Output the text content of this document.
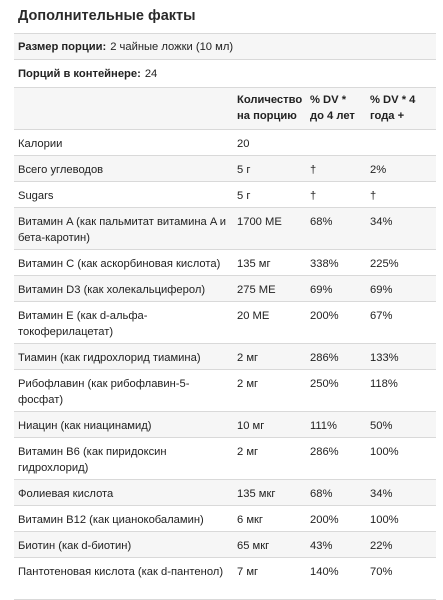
Дополнительные факты
Размер порции: 2 чайные ложки (10 мл)
Порций в контейнере: 24
	Количество на порцию	% DV * до 4 лет	% DV * 4 года +
Калории	20		
Всего углеводов	5 г	†	2%
Sugars	5 г	†	†
Витамин A (как пальмитат витамина A и бета-каротин)	1700 МЕ	68%	34%
Витамин C (как аскорбиновая кислота)	135 мг	338%	225%
Витамин D3 (как холекальциферол)	275 МЕ	69%	69%
Витамин E (как d-альфа-токоферилацетат)	20 МЕ	200%	67%
Тиамин (как гидрохлорид тиамина)	2 мг	286%	133%
Рибофлавин (как рибофлавин-5-фосфат)	2 мг	250%	118%
Ниацин (как ниацинамид)	10 мг	111%	50%
Витамин B6 (как пиридоксин гидрохлорид)	2 мг	286%	100%
Фолиевая кислота	135 мкг	68%	34%
Витамин B12 (как цианокобаламин)	6 мкг	200%	100%
Биотин (как d-биотин)	65 мкг	43%	22%
Пантотеновая кислота (как d-пантенол)	7 мг	140%	70%
